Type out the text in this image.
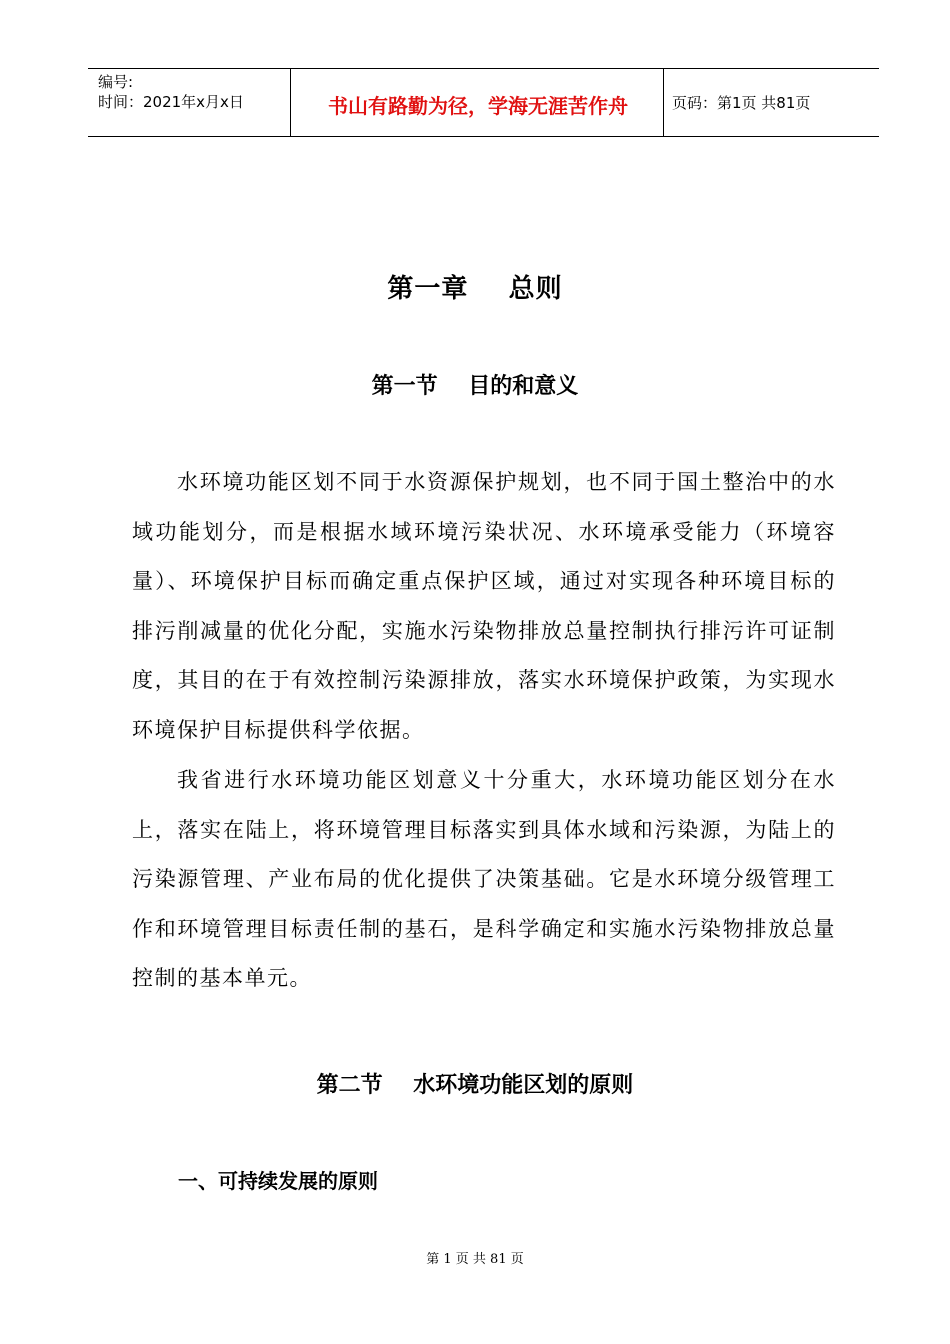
编号:
时间：2021年x月x日	书山有路勤为径，学海无涯苦作舟	页码：第1页 共81页
第一章    总则
第一节    目的和意义
水环境功能区划不同于水资源保护规划，也不同于国土整治中的水域功能划分，而是根据水域环境污染状况、水环境承受能力（环境容量）、环境保护目标而确定重点保护区域，通过对实现各种环境目标的排污削减量的优化分配，实施水污染物排放总量控制执行排污许可证制度，其目的在于有效控制污染源排放，落实水环境保护政策，为实现水环境保护目标提供科学依据。
我省进行水环境功能区划意义十分重大，水环境功能区划分在水上，落实在陆上，将环境管理目标落实到具体水域和污染源，为陆上的污染源管理、产业布局的优化提供了决策基础。它是水环境分级管理工作和环境管理目标责任制的基石，是科学确定和实施水污染物排放总量控制的基本单元。
第二节    水环境功能区划的原则
一、可持续发展的原则
第 1 页 共 81 页
